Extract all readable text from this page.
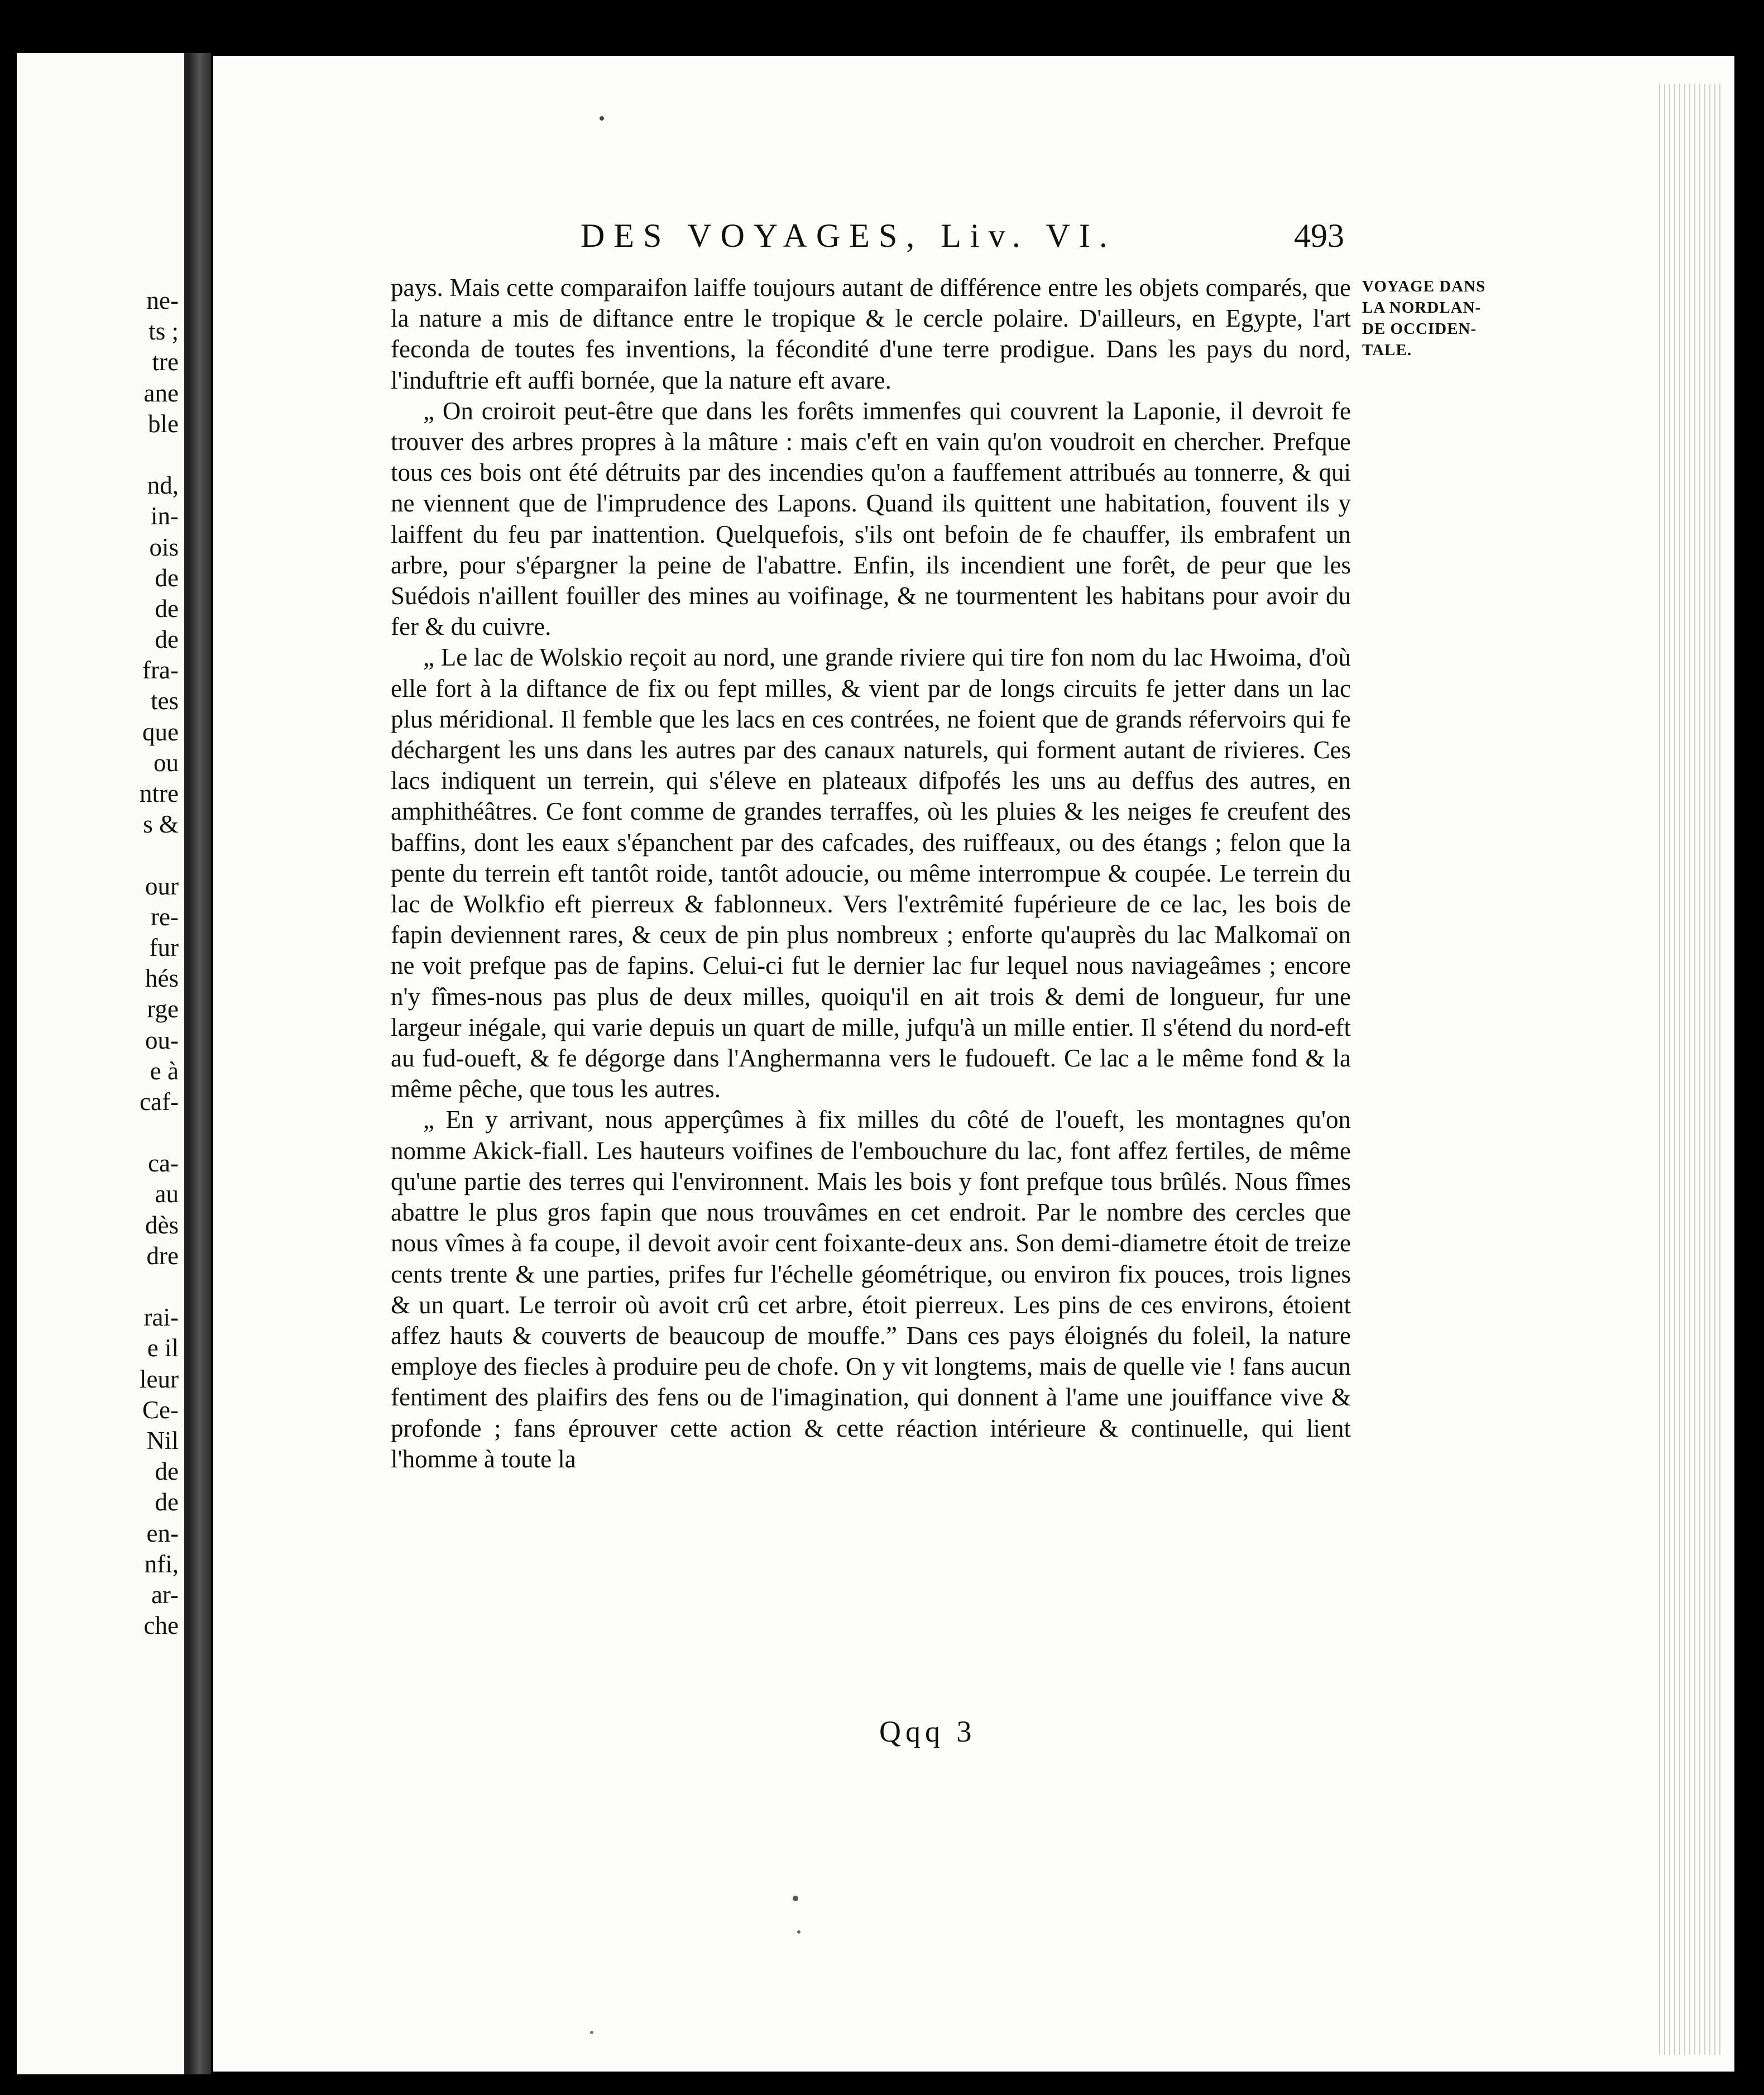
ne-
ts ;
tre
ane
ble
nd,
in-
ois
de
de
de
fra-
tes
que
ou
ntre
s &
our
re-
fur
hés
rge
ou-
e à
caf-
ca-
au
dès
dre
rai-
e il
leur
Ce-
Nil
de
de
en-
nfi,
ar-
che
DES VOYAGES, Liv. VI.	493

pays. Mais cette comparaifon laiffe toujours autant de différence entre les objets comparés, que la nature a mis de diftance entre le tropique & le cercle polaire. D'ailleurs, en Egypte, l'art feconda de toutes fes inventions, la fécondité d'une terre prodigue. Dans les pays du nord, l'induftrie eft auffi bornée, que la nature eft avare.

„ On croiroit peut-être que dans les forêts immenfes qui couvrent la Laponie, il devroit fe trouver des arbres propres à la mâture : mais c'eft en vain qu'on voudroit en chercher. Prefque tous ces bois ont été détruits par des incendies qu'on a fauffement attribués au tonnerre, & qui ne viennent que de l'imprudence des Lapons. Quand ils quittent une habitation, fouvent ils y laiffent du feu par inattention. Quelquefois, s'ils ont befoin de fe chauffer, ils embrafent un arbre, pour s'épargner la peine de l'abattre. Enfin, ils incendient une forêt, de peur que les Suédois n'aillent fouiller des mines au voifinage, & ne tourmentent les habitans pour avoir du fer & du cuivre.

„ Le lac de Wolskio reçoit au nord, une grande riviere qui tire fon nom du lac Hwoima, d'où elle fort à la diftance de fix ou fept milles, & vient par de longs circuits fe jetter dans un lac plus méridional. Il femble que les lacs en ces contrées, ne foient que de grands réfervoirs qui fe déchargent les uns dans les autres par des canaux naturels, qui forment autant de rivieres. Ces lacs indiquent un terrein, qui s'éleve en plateaux difpofés les uns au deffus des autres, en amphithéâtres. Ce font comme de grandes terraffes, où les pluies & les neiges fe creufent des baffins, dont les eaux s'épanchent par des cafcades, des ruiffeaux, ou des étangs ; felon que la pente du terrein eft tantôt roide, tantôt adoucie, ou même interrompue & coupée. Le terrein du lac de Wolkfio eft pierreux & fablonneux. Vers l'extrêmité fupérieure de ce lac, les bois de fapin deviennent rares, & ceux de pin plus nombreux ; enforte qu'auprès du lac Malkomaï on ne voit prefque pas de fapins. Celui-ci fut le dernier lac fur lequel nous naviageâmes ; encore n'y fîmes-nous pas plus de deux milles, quoiqu'il en ait trois & demi de longueur, fur une largeur inégale, qui varie depuis un quart de mille, jufqu'à un mille entier. Il s'étend du nord-eft au fud-oueft, & fe dégorge dans l'Anghermanna vers le fudoueft. Ce lac a le même fond & la même pêche, que tous les autres.

„ En y arrivant, nous apperçûmes à fix milles du côté de l'oueft, les montagnes qu'on nomme Akick-fiall. Les hauteurs voifines de l'embouchure du lac, font affez fertiles, de même qu'une partie des terres qui l'environnent. Mais les bois y font prefque tous brûlés. Nous fîmes abattre le plus gros fapin que nous trouvâmes en cet endroit. Par le nombre des cercles que nous vîmes à fa coupe, il devoit avoir cent foixante-deux ans. Son demi-diametre étoit de treize cents trente & une parties, prifes fur l'échelle géométrique, ou environ fix pouces, trois lignes & un quart. Le terroir où avoit crû cet arbre, étoit pierreux. Les pins de ces environs, étoient affez hauts & couverts de beaucoup de mouffe.” Dans ces pays éloignés du foleil, la nature employe des fiecles à produire peu de chofe. On y vit longtems, mais de quelle vie ! fans aucun fentiment des plaifirs des fens ou de l'imagination, qui donnent à l'ame une jouiffance vive & profonde ; fans éprouver cette action & cette réaction intérieure & continuelle, qui lient l'homme à toute la

VOYAGE DANS
LA NORDLAN-
DE OCCIDEN-
TALE.
Qqq 3
